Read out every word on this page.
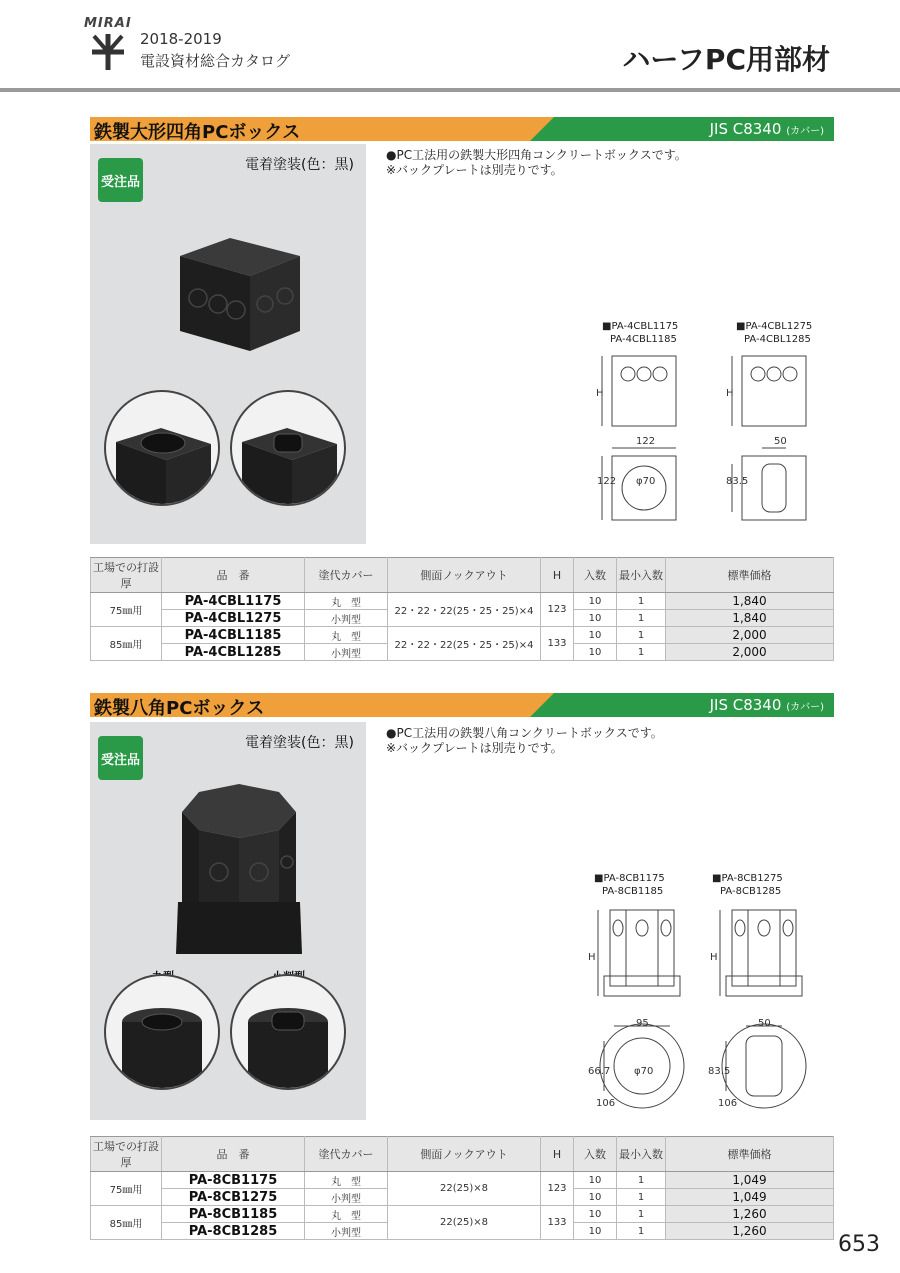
MIRAI
2018-2019
電設資材総合カタログ	ハーフPC用部材
鉄製大形四角PCボックス	JIS C8340 (カバー)
受注品
電着塗装(色：黒)
●PC工法用の鉄製大形四角コンクリートボックスです。
※バックプレートは別売りです。
■PA-4CBL1175
PA-4CBL1185
■PA-4CBL1275
PA-4CBL1285
H	H
122
122 φ70
50
83.5
工場での打設厚	品　番	塗代カバー	側面ノックアウト	H	入数	最小入数	標準価格
75㎜用	PA-4CBL1175	丸　型	22・22・22(25・25・25)×4	123	10	1	1,840
	PA-4CBL1275	小判型			10	1	1,840
85㎜用	PA-4CBL1185	丸　型	22・22・22(25・25・25)×4	133	10	1	2,000
	PA-4CBL1285	小判型			10	1	2,000
鉄製八角PCボックス	JIS C8340 (カバー)
受注品
電着塗装(色：黒)
●PC工法用の鉄製八角コンクリートボックスです。
※バックプレートは別売りです。
■PA-8CB1175
PA-8CB1185
■PA-8CB1275
PA-8CB1285
H	H
95
66.7
106
φ70
50
83.5
106
工場での打設厚	品　番	塗代カバー	側面ノックアウト	H	入数	最小入数	標準価格
75㎜用	PA-8CB1175	丸　型	22(25)×8	123	10	1	1,049
	PA-8CB1275	小判型			10	1	1,049
85㎜用	PA-8CB1185	丸　型	22(25)×8	133	10	1	1,260
	PA-8CB1285	小判型			10	1	1,260
653
